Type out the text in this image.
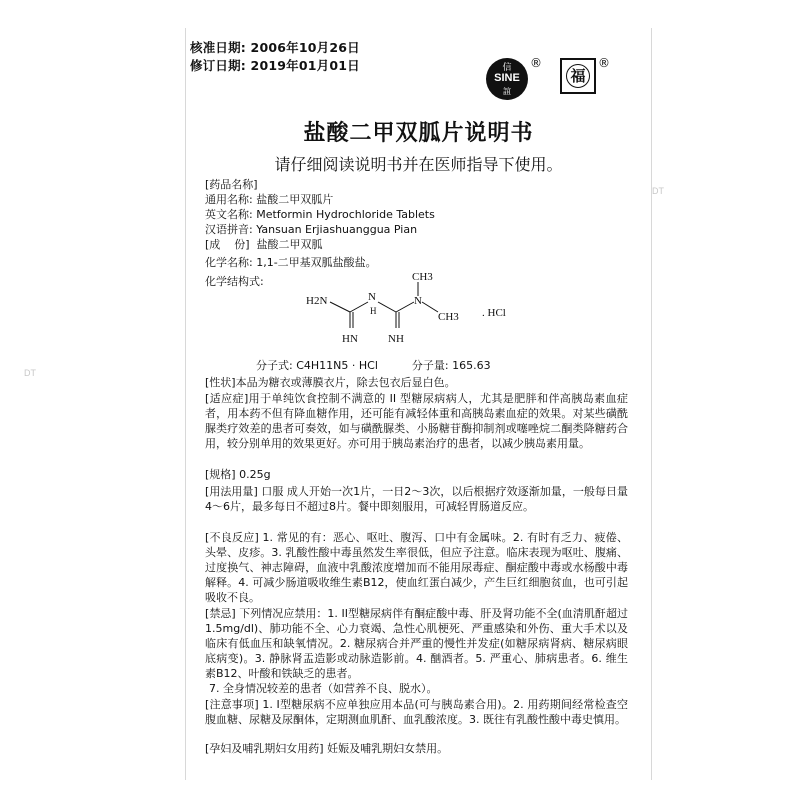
DT
DT
核准日期: 2006年10月26日
修订日期: 2019年01月01日	信
SINE
誼
®
福
®
盐酸二甲双胍片说明书
请仔细阅读说明书并在医师指导下使用。
[药品名称]
通用名称: 盐酸二甲双胍片
英文名称: Metformin Hydrochloride Tablets
汉语拼音: Yansuan Erjiashuanggua Pian
[成    份]  盐酸二甲双胍
化学名称: 1,1-二甲基双胍盐酸盐。
化学结构式:
H2N	N
H
N
CH3
CH3
HN	NH
. HCl
分子式: C4H11N5 · HCl	分子量: 165.63
[性状]本品为糖衣或薄膜衣片，除去包衣后显白色。
[适应症]用于单纯饮食控制不满意的 II 型糖尿病病人，尤其是肥胖和伴高胰岛素血症者，用本药不但有降血糖作用，还可能有减轻体重和高胰岛素血症的效果。对某些磺酰脲类疗效差的患者可奏效，如与磺酰脲类、小肠糖苷酶抑制剂或噻唑烷二酮类降糖药合用，较分别单用的效果更好。亦可用于胰岛素治疗的患者，以减少胰岛素用量。
[规格] 0.25g
[用法用量] 口服 成人开始一次1片，一日2～3次，以后根据疗效逐渐加量，一般每日量4～6片，最多每日不超过8片。餐中即刻服用，可减轻胃肠道反应。
[不良反应] 1. 常见的有：恶心、呕吐、腹泻、口中有金属味。2. 有时有乏力、疲倦、头晕、皮疹。3. 乳酸性酸中毒虽然发生率很低，但应予注意。临床表现为呕吐、腹痛、过度换气、神志障碍，血液中乳酸浓度增加而不能用尿毒症、酮症酸中毒或水杨酸中毒解释。4. 可减少肠道吸收维生素B12，使血红蛋白减少，产生巨红细胞贫血，也可引起吸收不良。
[禁忌] 下列情况应禁用：1. II型糖尿病伴有酮症酸中毒、肝及肾功能不全(血清肌酐超过1.5mg/dl)、肺功能不全、心力衰竭、急性心肌梗死、严重感染和外伤、重大手术以及临床有低血压和缺氧情况。2. 糖尿病合并严重的慢性并发症(如糖尿病肾病、糖尿病眼底病变)。3. 静脉肾盂造影或动脉造影前。4. 酗酒者。5. 严重心、肺病患者。6. 维生素B12、叶酸和铁缺乏的患者。
7. 全身情况较差的患者（如营养不良、脱水）。
[注意事项] 1. I型糖尿病不应单独应用本品(可与胰岛素合用)。2. 用药期间经常检查空腹血糖、尿糖及尿酮体，定期测血肌酐、血乳酸浓度。3. 既往有乳酸性酸中毒史慎用。
[孕妇及哺乳期妇女用药] 妊娠及哺乳期妇女禁用。
